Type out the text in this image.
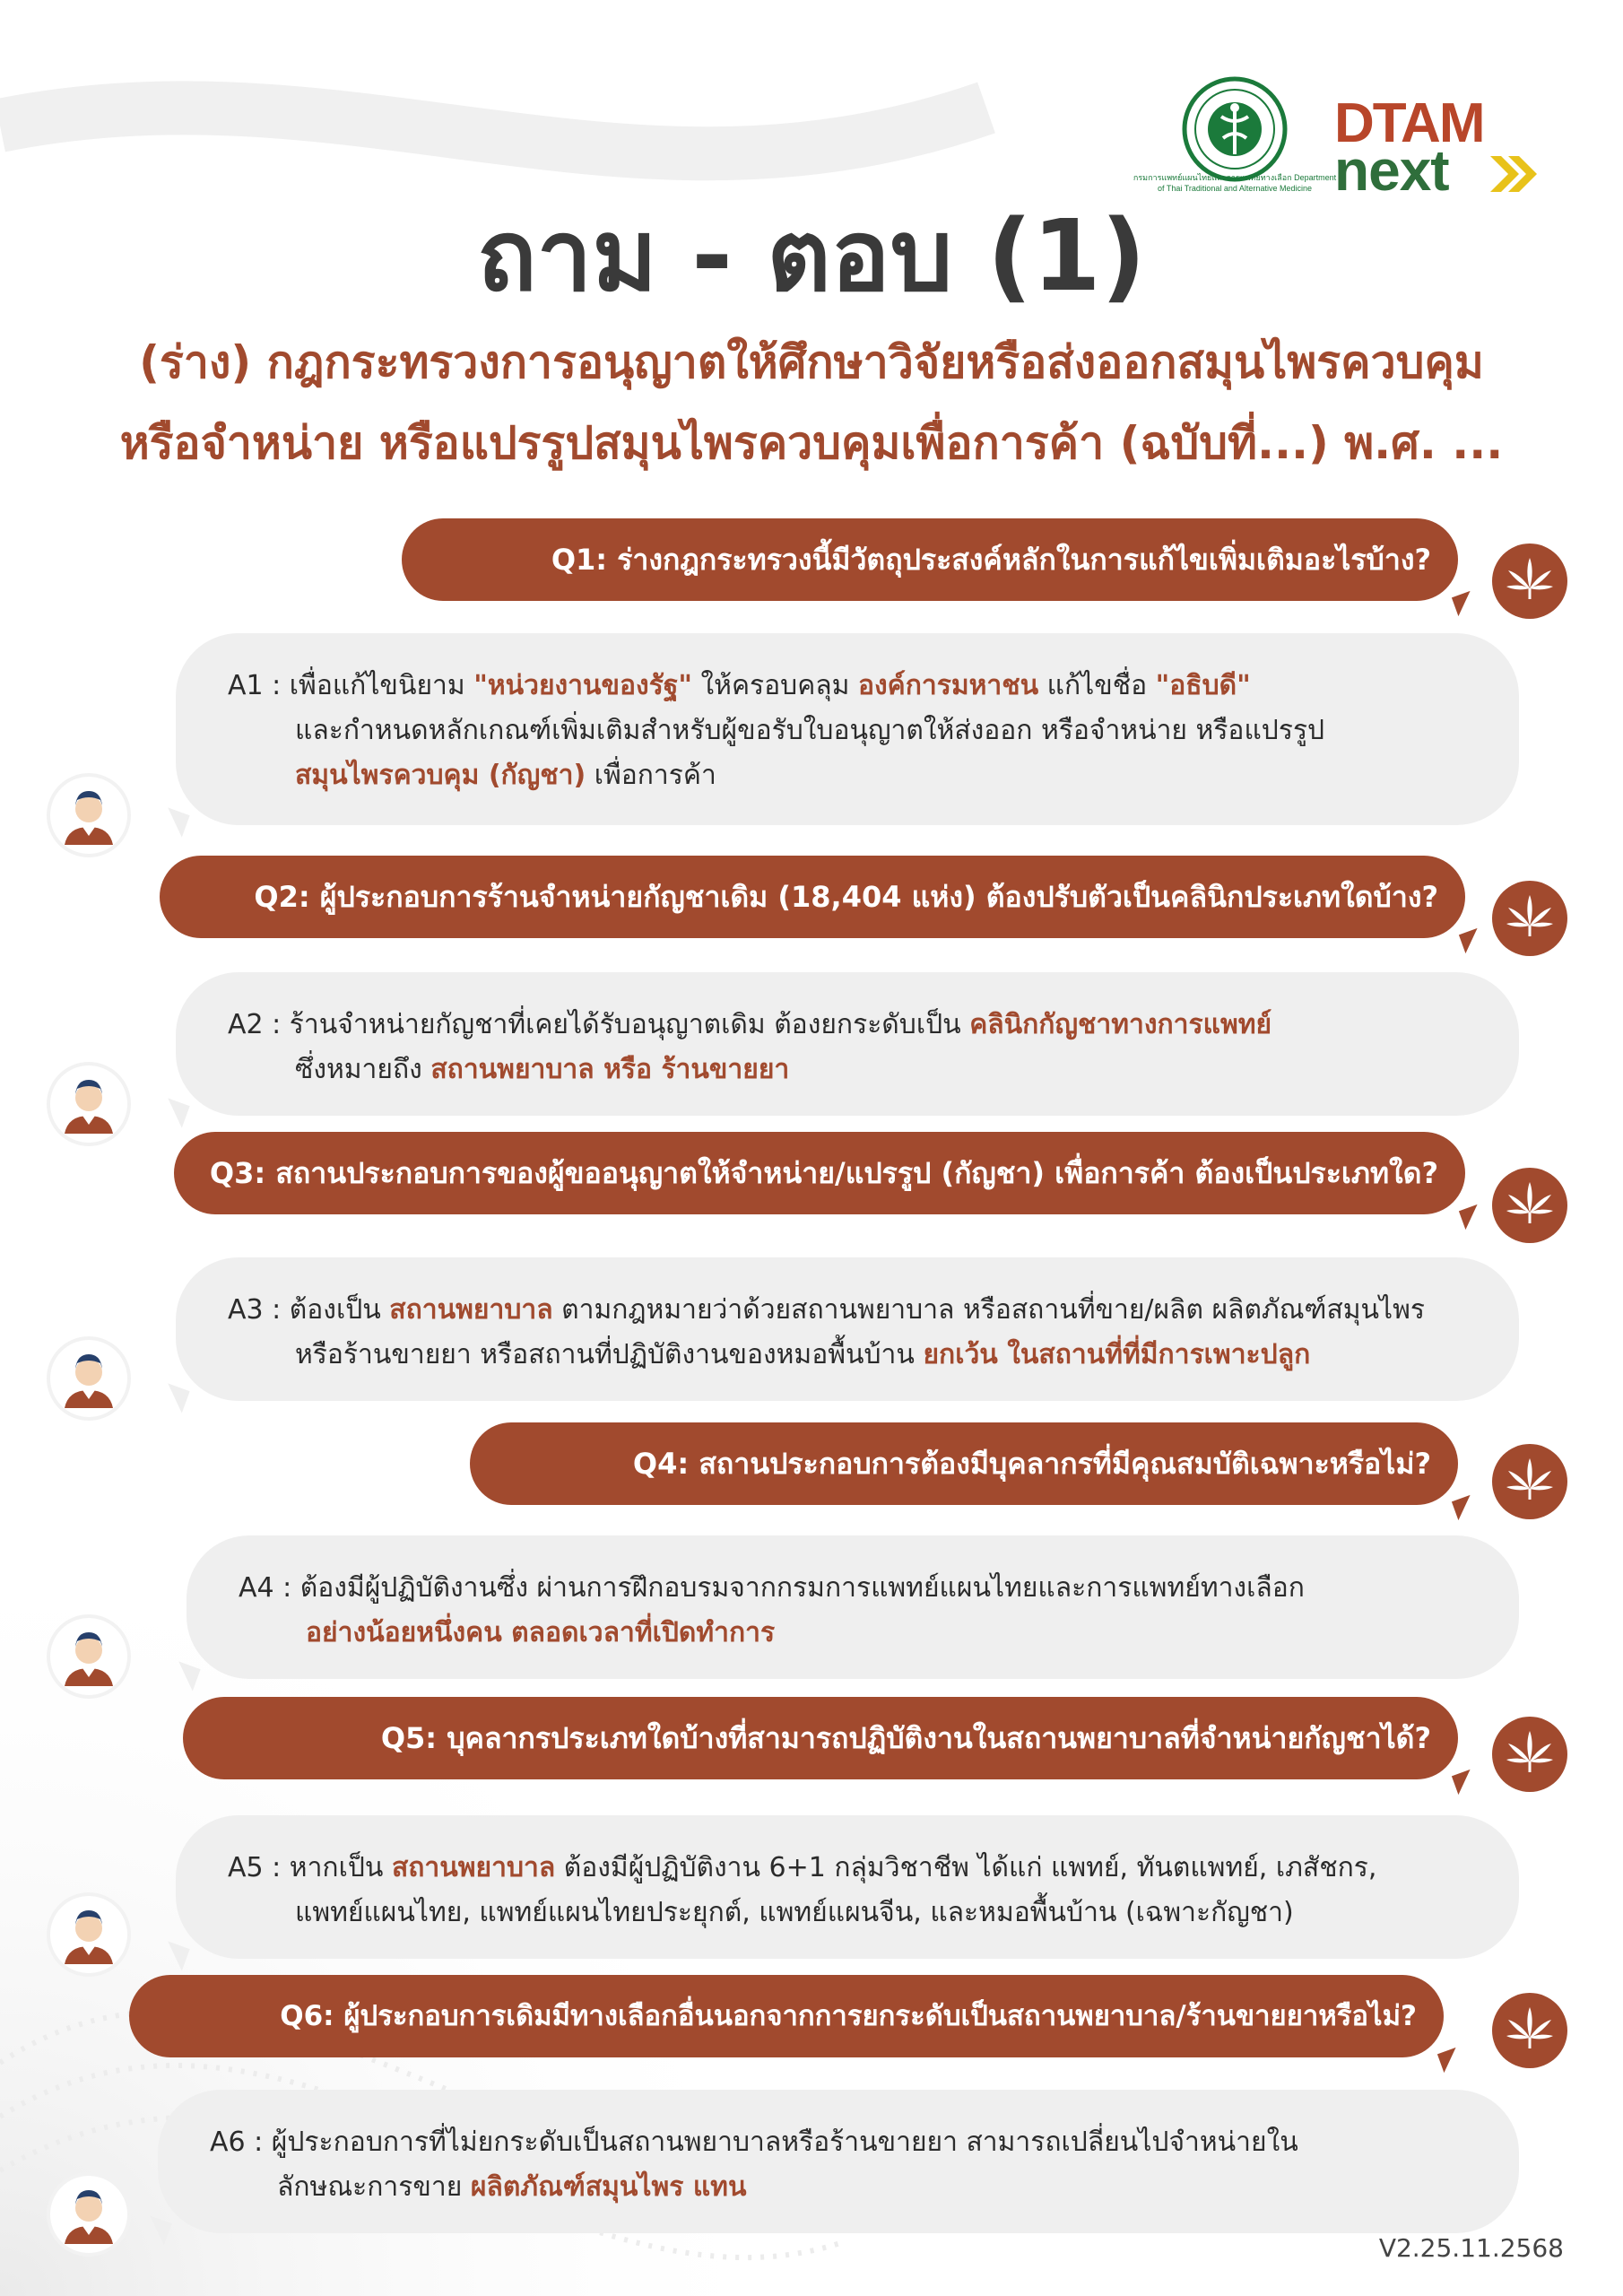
กรมการแพทย์แผนไทยและการแพทย์ทางเลือก Department of Thai Traditional and Alternative Medicine
DTAM
next
ถาม - ตอบ (1)
(ร่าง) กฎกระทรวงการอนุญาตให้ศึกษาวิจัยหรือส่งออกสมุนไพรควบคุม
หรือจำหน่าย หรือแปรรูปสมุนไพรควบคุมเพื่อการค้า (ฉบับที่...) พ.ศ. ...
Q1: ร่างกฎกระทรวงนี้มีวัตถุประสงค์หลักในการแก้ไขเพิ่มเติมอะไรบ้าง?
A1 : เพื่อแก้ไขนิยาม "หน่วยงานของรัฐ" ให้ครอบคลุม องค์การมหาชน แก้ไขชื่อ "อธิบดี"
และกำหนดหลักเกณฑ์เพิ่มเติมสำหรับผู้ขอรับใบอนุญาตให้ส่งออก หรือจำหน่าย หรือแปรรูป
สมุนไพรควบคุม (กัญชา) เพื่อการค้า
Q2: ผู้ประกอบการร้านจำหน่ายกัญชาเดิม (18,404 แห่ง) ต้องปรับตัวเป็นคลินิกประเภทใดบ้าง?
A2 : ร้านจำหน่ายกัญชาที่เคยได้รับอนุญาตเดิม ต้องยกระดับเป็น คลินิกกัญชาทางการแพทย์
ซึ่งหมายถึง สถานพยาบาล หรือ ร้านขายยา
Q3: สถานประกอบการของผู้ขออนุญาตให้จำหน่าย/แปรรูป (กัญชา) เพื่อการค้า ต้องเป็นประเภทใด?
A3 : ต้องเป็น สถานพยาบาล ตามกฎหมายว่าด้วยสถานพยาบาล หรือสถานที่ขาย/ผลิต ผลิตภัณฑ์สมุนไพร
หรือร้านขายยา หรือสถานที่ปฏิบัติงานของหมอพื้นบ้าน ยกเว้น ในสถานที่ที่มีการเพาะปลูก
Q4: สถานประกอบการต้องมีบุคลากรที่มีคุณสมบัติเฉพาะหรือไม่?
A4 : ต้องมีผู้ปฏิบัติงานซึ่ง ผ่านการฝึกอบรมจากกรมการแพทย์แผนไทยและการแพทย์ทางเลือก
อย่างน้อยหนึ่งคน ตลอดเวลาที่เปิดทำการ
Q5: บุคลากรประเภทใดบ้างที่สามารถปฏิบัติงานในสถานพยาบาลที่จำหน่ายกัญชาได้?
A5 : หากเป็น สถานพยาบาล ต้องมีผู้ปฏิบัติงาน 6+1 กลุ่มวิชาชีพ ได้แก่ แพทย์, ทันตแพทย์, เภสัชกร,
แพทย์แผนไทย, แพทย์แผนไทยประยุกต์, แพทย์แผนจีน, และหมอพื้นบ้าน (เฉพาะกัญชา)
Q6: ผู้ประกอบการเดิมมีทางเลือกอื่นนอกจากการยกระดับเป็นสถานพยาบาล/ร้านขายยาหรือไม่?
A6 : ผู้ประกอบการที่ไม่ยกระดับเป็นสถานพยาบาลหรือร้านขายยา สามารถเปลี่ยนไปจำหน่ายใน
ลักษณะการขาย ผลิตภัณฑ์สมุนไพร แทน
V2.25.11.2568
